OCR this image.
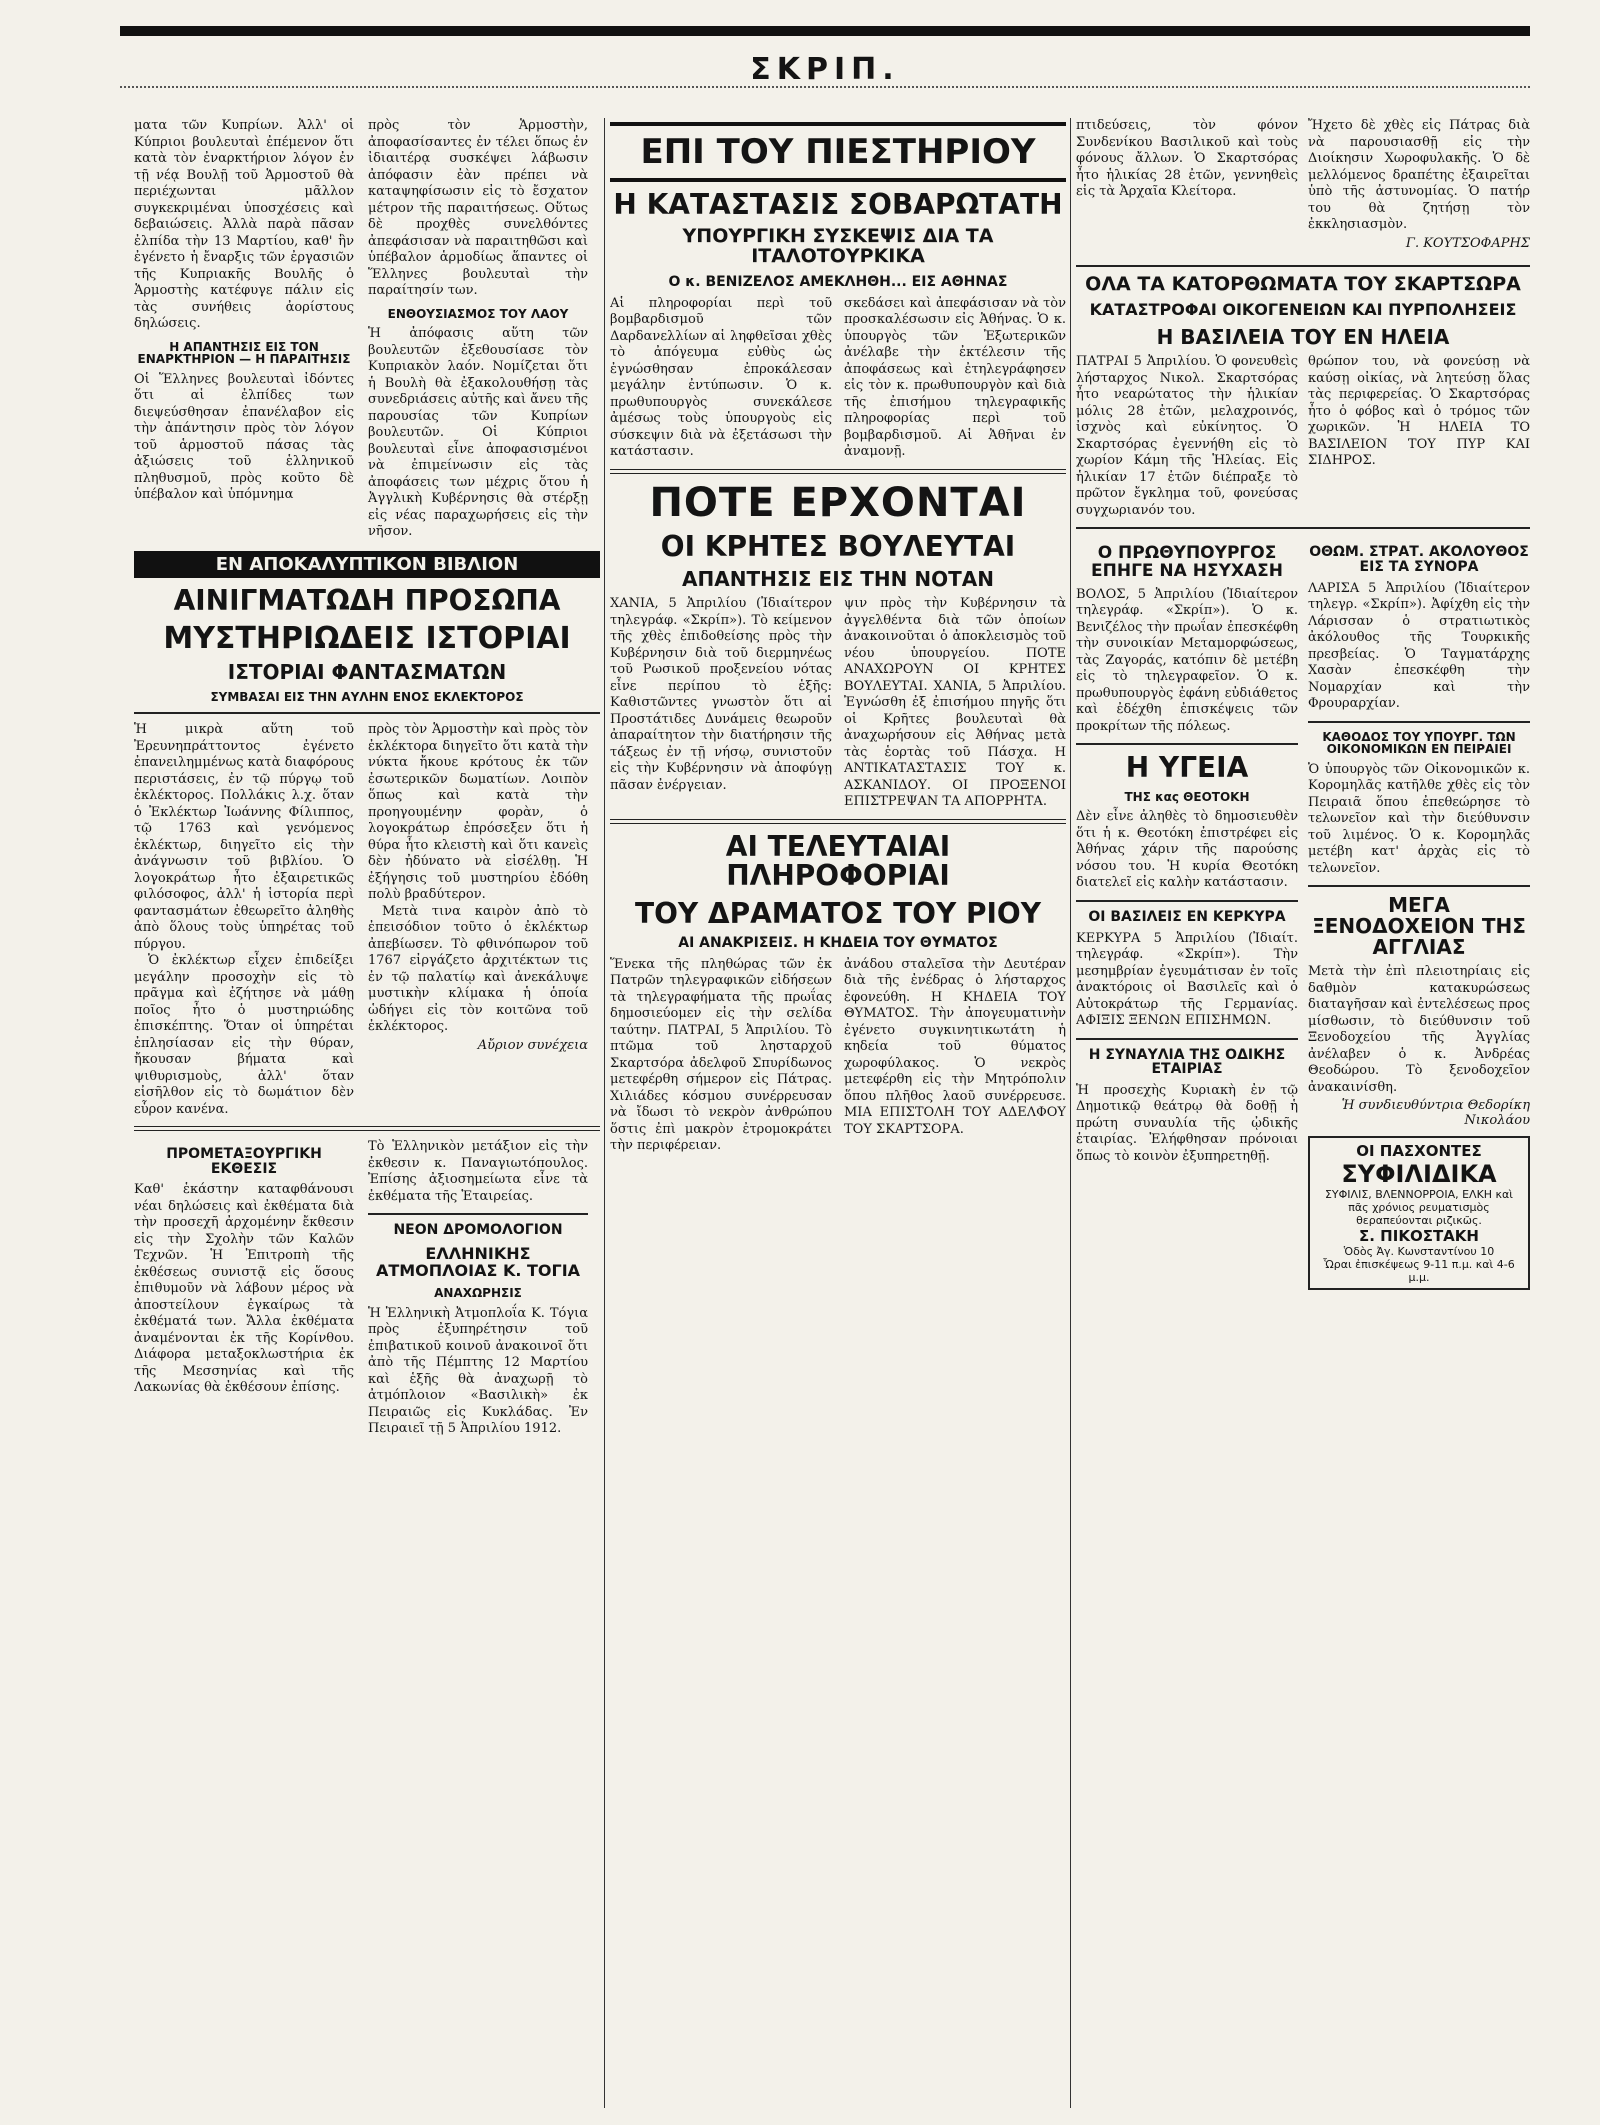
ΣΚΡΙΠ.

ματα τῶν Κυπρίων. Ἀλλ' οἱ Κύπριοι βουλευταὶ ἐπέμενον ὅτι κατὰ τὸν ἐναρκτήριον λόγον ἐν τῇ νέᾳ Βουλῇ τοῦ Ἁρμοστοῦ θὰ περιέχωνται μᾶλλον συγκεκριμέναι ὑποσχέσεις καὶ δεβαιώσεις. Ἀλλὰ παρὰ πᾶσαν ἐλπίδα τὴν 13 Μαρτίου, καθ' ἣν ἐγένετο ἡ ἔναρξις τῶν ἐργασιῶν τῆς Κυπριακῆς Βουλῆς ὁ Ἁρμοστὴς κατέφυγε πάλιν εἰς τὰς συνήθεις ἀορίστους δηλώσεις.

Η ΑΠΑΝΤΗΣΙΣ ΕΙΣ ΤΟΝ ΕΝΑΡΚΤΗΡΙΟΝ — Η ΠΑΡΑΙΤΗΣΙΣ

Οἱ Ἕλληνες βουλευταὶ ἰδόντες ὅτι αἱ ἐλπίδες των διεψεύσθησαν ἐπανέλαβον εἰς τὴν ἀπάντησιν πρὸς τὸν λόγον τοῦ ἁρμοστοῦ πάσας τὰς ἀξιώσεις τοῦ ἑλληνικοῦ πληθυσμοῦ, πρὸς κοῦτο δὲ ὑπέβαλον καὶ ὑπόμνημα

πρὸς τὸν Ἁρμοστὴν, ἀποφασίσαντες ἐν τέλει ὅπως ἐν ἰδιαιτέρᾳ συσκέψει λάβωσιν ἀπόφασιν ἐὰν πρέπει νὰ καταψηφίσωσιν εἰς τὸ ἔσχατον μέτρον τῆς παραιτήσεως. Οὕτως δὲ προχθὲς συνελθόντες ἀπεφάσισαν νὰ παραιτηθῶσι καὶ ὑπέβαλον ἁρμοδίως ἅπαντες οἱ Ἕλληνες βουλευταὶ τὴν παραίτησίν των.

ΕΝΘΟΥΣΙΑΣΜΟΣ ΤΟΥ ΛΑΟΥ

Ἡ ἀπόφασις αὕτη τῶν βουλευτῶν ἐξεθουσίασε τὸν Κυπριακὸν λαόν. Νομίζεται ὅτι ἡ Βουλὴ θὰ ἐξακολουθήσῃ τὰς συνεδριάσεις αὐτῆς καὶ ἄνευ τῆς παρουσίας τῶν Κυπρίων βουλευτῶν. Οἱ Κύπριοι βουλευταὶ εἶνε ἀποφασισμένοι νὰ ἐπιμείνωσιν εἰς τὰς ἀποφάσεις των μέχρις ὅτου ἡ Ἀγγλικὴ Κυβέρνησις θὰ στέρξῃ εἰς νέας παραχωρήσεις εἰς τὴν νῆσον.

ΕΝ ΑΠΟΚΑΛΥΠΤΙΚΟΝ ΒΙΒΛΙΟΝ
ΑΙΝΙΓΜΑΤΩΔΗ ΠΡΟΣΩΠΑ
ΜΥΣΤΗΡΙΩΔΕΙΣ ΙΣΤΟΡΙΑΙ
ΙΣΤΟΡΙΑΙ ΦΑΝΤΑΣΜΑΤΩΝ
ΣΥΜΒΑΣΑΙ ΕΙΣ ΤΗΝ ΑΥΛΗΝ ΕΝΟΣ ΕΚΛΕΚΤΟΡΟΣ

Ἡ μικρὰ αὕτη τοῦ Ἐρευνηπράττοντος ἐγένετο ἐπανειλημμένως κατὰ διαφόρους περιστάσεις, ἐν τῷ πύργῳ τοῦ ἐκλέκτορος. Πολλάκις λ.χ. ὅταν ὁ Ἐκλέκτωρ Ἰωάννης Φίλιππος, τῷ 1763 καὶ γενόμενος ἐκλέκτωρ, διηγεῖτο εἰς τὴν ἀνάγνωσιν τοῦ βιβλίου. Ὁ λογοκράτωρ ἦτο ἐξαιρετικῶς φιλόσοφος, ἀλλ' ἡ ἱστορία περὶ φαντασμάτων ἐθεωρεῖτο ἀληθὴς ἀπὸ ὅλους τοὺς ὑπηρέτας τοῦ πύργου.

Ὁ ἐκλέκτωρ εἶχεν ἐπιδείξει μεγάλην προσοχὴν εἰς τὸ πρᾶγμα καὶ ἐζήτησε νὰ μάθῃ ποῖος ἦτο ὁ μυστηριώδης ἐπισκέπτης. Ὅταν οἱ ὑπηρέται ἐπλησίασαν εἰς τὴν θύραν, ἤκουσαν βήματα καὶ ψιθυρισμοὺς, ἀλλ' ὅταν εἰσῆλθον εἰς τὸ δωμάτιον δὲν εὗρον κανένα.

πρὸς τὸν Ἁρμοστὴν καὶ πρὸς τὸν ἐκλέκτορα διηγεῖτο ὅτι κατὰ τὴν νύκτα ἤκουε κρότους ἐκ τῶν ἐσωτερικῶν δωματίων. Λοιπὸν ὅπως καὶ κατὰ τὴν προηγουμένην φορὰν, ὁ λογοκράτωρ ἐπρόσεξεν ὅτι ἡ θύρα ἦτο κλειστὴ καὶ ὅτι κανεὶς δὲν ἠδύνατο νὰ εἰσέλθῃ. Ἡ ἐξήγησις τοῦ μυστηρίου ἐδόθη πολὺ βραδύτερον.

Μετὰ τινα καιρὸν ἀπὸ τὸ ἐπεισόδιον τοῦτο ὁ ἐκλέκτωρ ἀπεβίωσεν. Τὸ φθινόπωρον τοῦ 1767 εἰργάζετο ἀρχιτέκτων τις ἐν τῷ παλατίῳ καὶ ἀνεκάλυψε μυστικὴν κλίμακα ἡ ὁποία ὡδήγει εἰς τὸν κοιτῶνα τοῦ ἐκλέκτορος.

Αὔριον συνέχεια
ΠΡΟΜΕΤΑΞΟΥΡΓΙΚΗ ΕΚΘΕΣΙΣ

Καθ' ἑκάστην καταφθάνουσι νέαι δηλώσεις καὶ ἐκθέματα διὰ τὴν προσεχῆ ἀρχομένην ἔκθεσιν εἰς τὴν Σχολὴν τῶν Καλῶν Τεχνῶν. Ἡ Ἐπιτροπὴ τῆς ἐκθέσεως συνιστᾷ εἰς ὅσους ἐπιθυμοῦν νὰ λάβουν μέρος νὰ ἀποστείλουν ἐγκαίρως τὰ ἐκθέματά των. Ἄλλα ἐκθέματα ἀναμένονται ἐκ τῆς Κορίνθου. Διάφορα μεταξοκλωστήρια ἐκ τῆς Μεσσηνίας καὶ τῆς Λακωνίας θὰ ἐκθέσουν ἐπίσης.

Τὸ Ἑλληνικὸν μετάξιον εἰς τὴν ἐκθεσιν κ. Παναγιωτόπουλος. Ἐπίσης ἀξιοσημείωτα εἶνε τὰ ἐκθέματα τῆς Ἑταιρείας.

ΝΕΟΝ ΔΡΟΜΟΛΟΓΙΟΝ
ΕΛΛΗΝΙΚΗΣ ΑΤΜΟΠΛΟΙΑΣ Κ. ΤΟΓΙΑ
ΑΝΑΧΩΡΗΣΙΣ

Ἡ Ἑλληνικὴ Ἀτμοπλοΐα Κ. Τόγια πρὸς ἐξυπηρέτησιν τοῦ ἐπιβατικοῦ κοινοῦ ἀνακοινοῖ ὅτι ἀπὸ τῆς Πέμπτης 12 Μαρτίου καὶ ἑξῆς θὰ ἀναχωρῇ τὸ ἀτμόπλοιον «Βασιλικὴ» ἐκ Πειραιῶς εἰς Κυκλάδας. Ἐν Πειραιεῖ τῇ 5 Ἀπριλίου 1912.

ΕΠΙ ΤΟΥ ΠΙΕΣΤΗΡΙΟΥ
Η ΚΑΤΑΣΤΑΣΙΣ ΣΟΒΑΡΩΤΑΤΗ
ΥΠΟΥΡΓΙΚΗ ΣΥΣΚΕΨΙΣ ΔΙΑ ΤΑ ΙΤΑΛΟΤΟΥΡΚΙΚΑ
Ο κ. ΒΕΝΙΖΕΛΟΣ ΑΜΕΚΛΗΘΗ... ΕΙΣ ΑΘΗΝΑΣ

Αἱ πληροφορίαι περὶ τοῦ βομβαρδισμοῦ τῶν Δαρδανελλίων αἱ ληφθεῖσαι χθὲς τὸ ἀπόγευμα εὐθὺς ὡς ἐγνώσθησαν ἐπροκάλεσαν μεγάλην ἐντύπωσιν. Ὁ κ. πρωθυπουργὸς συνεκάλεσε ἀμέσως τοὺς ὑπουργοὺς εἰς σύσκεψιν διὰ νὰ ἐξετάσωσι τὴν κατάστασιν.

σκεδάσει καὶ ἀπεφάσισαν νὰ τὸν προσκαλέσωσιν εἰς Ἀθήνας. Ὁ κ. ὑπουργὸς τῶν Ἐξωτερικῶν ἀνέλαβε τὴν ἐκτέλεσιν τῆς ἀποφάσεως καὶ ἐτηλεγράφησεν εἰς τὸν κ. πρωθυπουργὸν καὶ διὰ τῆς ἐπισήμου τηλεγραφικῆς πληροφορίας περὶ τοῦ βομβαρδισμοῦ. Αἱ Ἀθῆναι ἐν ἀναμονῇ.

ΠΟΤΕ ΕΡΧΟΝΤΑΙ
ΟΙ ΚΡΗΤΕΣ ΒΟΥΛΕΥΤΑΙ
ΑΠΑΝΤΗΣΙΣ ΕΙΣ ΤΗΝ ΝΟΤΑΝ

ΧΑΝΙΑ, 5 Ἀπριλίου (Ἰδιαίτερον τηλεγράφ. «Σκρίπ»). Τὸ κείμενον τῆς χθὲς ἐπιδοθείσης πρὸς τὴν Κυβέρνησιν διὰ τοῦ διερμηνέως τοῦ Ρωσικοῦ προξενείου νότας εἶνε περίπου τὸ ἑξῆς: Καθιστῶντες γνωστὸν ὅτι αἱ Προστάτιδες Δυνάμεις θεωροῦν ἀπαραίτητον τὴν διατήρησιν τῆς τάξεως ἐν τῇ νήσῳ, συνιστοῦν εἰς τὴν Κυβέρνησιν νὰ ἀποφύγῃ πᾶσαν ἐνέργειαν.

ψιν πρὸς τὴν Κυβέρνησιν τὰ ἀγγελθέντα διὰ τῶν ὁποίων ἀνακοινοῦται ὁ ἀποκλεισμὸς τοῦ νέου ὑπουργείου. ΠΟΤΕ ΑΝΑΧΩΡΟΥΝ ΟΙ ΚΡΗΤΕΣ ΒΟΥΛΕΥΤΑΙ. ΧΑΝΙΑ, 5 Ἀπριλίου. Ἐγνώσθη ἐξ ἐπισήμου πηγῆς ὅτι οἱ Κρῆτες βουλευταὶ θὰ ἀναχωρήσουν εἰς Ἀθήνας μετὰ τὰς ἑορτὰς τοῦ Πάσχα. Η ΑΝΤΙΚΑΤΑΣΤΑΣΙΣ ΤΟΥ κ. ΑΣΚΑΝΙΔΟΥ. ΟΙ ΠΡΟΞΕΝΟΙ ΕΠΙΣΤΡΕΨΑΝ ΤΑ ΑΠΟΡΡΗΤΑ.

ΑΙ ΤΕΛΕΥΤΑΙΑΙ ΠΛΗΡΟΦΟΡΙΑΙ
ΤΟΥ ΔΡΑΜΑΤΟΣ ΤΟΥ ΡΙΟΥ
ΑΙ ΑΝΑΚΡΙΣΕΙΣ. Η ΚΗΔΕΙΑ ΤΟΥ ΘΥΜΑΤΟΣ

Ἕνεκα τῆς πληθώρας τῶν ἐκ Πατρῶν τηλεγραφικῶν εἰδήσεων τὰ τηλεγραφήματα τῆς πρωΐας δημοσιεύομεν εἰς τὴν σελίδα ταύτην. ΠΑΤΡΑΙ, 5 Ἀπριλίου. Τὸ πτῶμα τοῦ λησταρχοῦ Σκαρτσόρα ἀδελφοῦ Σπυρίδωνος μετεφέρθη σήμερον εἰς Πάτρας. Χιλιάδες κόσμου συνέρρευσαν νὰ ἴδωσι τὸ νεκρὸν ἀνθρώπου ὅστις ἐπὶ μακρὸν ἐτρομοκράτει τὴν περιφέρειαν.

ἀνάδου σταλεῖσα τὴν Δευτέραν διὰ τῆς ἐνέδρας ὁ λήσταρχος ἐφονεύθη. Η ΚΗΔΕΙΑ ΤΟΥ ΘΥΜΑΤΟΣ. Τὴν ἀπογευματινὴν ἐγένετο συγκινητικωτάτη ἡ κηδεία τοῦ θύματος χωροφύλακος. Ὁ νεκρὸς μετεφέρθη εἰς τὴν Μητρόπολιν ὅπου πλῆθος λαοῦ συνέρρευσε. ΜΙΑ ΕΠΙΣΤΟΛΗ ΤΟΥ ΑΔΕΛΦΟΥ ΤΟΥ ΣΚΑΡΤΣΟΡΑ.

πτιδεύσεις, τὸν φόνον Συνδενίκου Βασιλικοῦ καὶ τοὺς φόνους ἄλλων. Ὁ Σκαρτσόρας ἦτο ἡλικίας 28 ἐτῶν, γεννηθεὶς εἰς τὰ Ἀρχαῖα Κλείτορα.

Ἤχετο δὲ χθὲς εἰς Πάτρας διὰ νὰ παρουσιασθῇ εἰς τὴν Διοίκησιν Χωροφυλακῆς. Ὁ δὲ μελλόμενος δραπέτης ἐξαιρεῖται ὑπὸ τῆς ἀστυνομίας. Ὁ πατήρ του θὰ ζητήσῃ τὸν ἐκκλησιασμὸν.

Γ. ΚΟΥΤΣΟΦΑΡΗΣ
ΟΛΑ ΤΑ ΚΑΤΟΡΘΩΜΑΤΑ ΤΟΥ ΣΚΑΡΤΣΩΡΑ
ΚΑΤΑΣΤΡΟΦΑΙ ΟΙΚΟΓΕΝΕΙΩΝ ΚΑΙ ΠΥΡΠΟΛΗΣΕΙΣ
Η ΒΑΣΙΛΕΙΑ ΤΟΥ ΕΝ ΗΛΕΙΑ

ΠΑΤΡΑΙ 5 Ἀπριλίου. Ὁ φονευθεὶς λήσταρχος Νικολ. Σκαρτσόρας ἦτο νεαρώτατος τὴν ἡλικίαν μόλις 28 ἐτῶν, μελαχροινός, ἰσχνὸς καὶ εὐκίνητος. Ὁ Σκαρτσόρας ἐγεννήθη εἰς τὸ χωρίον Κάμη τῆς Ἡλείας. Εἰς ἡλικίαν 17 ἐτῶν διέπραξε τὸ πρῶτον ἔγκλημα τοῦ, φονεύσας συγχωριανόν του.

θρώπον του, νὰ φονεύσῃ νὰ καύσῃ οἰκίας, νὰ λητεύσῃ ὅλας τὰς περιφερείας. Ὁ Σκαρτσόρας ἦτο ὁ φόβος καὶ ὁ τρόμος τῶν χωρικῶν. Ἡ ΗΛΕΙΑ ΤΟ ΒΑΣΙΛΕΙΟΝ ΤΟΥ ΠΥΡ ΚΑΙ ΣΙΔΗΡΟΣ.

Ο ΠΡΩΘΥΠΟΥΡΓΟΣ ΕΠΗΓΕ ΝΑ ΗΣΥΧΑΣΗ

ΒΟΛΟΣ, 5 Ἀπριλίου (Ἰδιαίτερον τηλεγράφ. «Σκρίπ»). Ὁ κ. Βενιζέλος τὴν πρωΐαν ἐπεσκέφθη τὴν συνοικίαν Μεταμορφώσεως, τὰς Ζαγοράς, κατόπιν δὲ μετέβη εἰς τὸ τηλεγραφεῖον. Ὁ κ. πρωθυπουργὸς ἐφάνη εὐδιάθετος καὶ ἐδέχθη ἐπισκέψεις τῶν προκρίτων τῆς πόλεως.

Η ΥΓΕΙΑ
ΤΗΣ κας ΘΕΟΤΟΚΗ

Δὲν εἶνε ἀληθὲς τὸ δημοσιευθὲν ὅτι ἡ κ. Θεοτόκη ἐπιστρέφει εἰς Ἀθήνας χάριν τῆς παρούσης νόσου του. Ἡ κυρία Θεοτόκη διατελεῖ εἰς καλὴν κατάστασιν.

ΟΙ ΒΑΣΙΛΕΙΣ ΕΝ ΚΕΡΚΥΡΑ

ΚΕΡΚΥΡΑ 5 Ἀπριλίου (Ἰδιαίτ. τηλεγράφ. «Σκρίπ»). Τὴν μεσημβρίαν ἐγευμάτισαν ἐν τοῖς ἀνακτόροις οἱ Βασιλεῖς καὶ ὁ Αὐτοκράτωρ τῆς Γερμανίας. ΑΦΙΞΙΣ ΞΕΝΩΝ ΕΠΙΣΗΜΩΝ.

Η ΣΥΝΑΥΛΙΑ ΤΗΣ ΟΔΙΚΗΣ ΕΤΑΙΡΙΑΣ

Ἡ προσεχὴς Κυριακὴ ἐν τῷ Δημοτικῷ θεάτρῳ θὰ δοθῇ ἡ πρώτη συναυλία τῆς ᾠδικῆς ἑταιρίας. Ἐλήφθησαν πρόνοιαι ὅπως τὸ κοινὸν ἐξυπηρετηθῇ.

ΟΘΩΜ. ΣΤΡΑΤ. ΑΚΟΛΟΥΘΟΣ ΕΙΣ ΤΑ ΣΥΝΟΡΑ

ΛΑΡΙΣΑ 5 Ἀπριλίου (Ἰδιαίτερον τηλεγρ. «Σκρίπ»). Ἀφίχθη εἰς τὴν Λάρισσαν ὁ στρατιωτικὸς ἀκόλουθος τῆς Τουρκικῆς πρεσβείας. Ὁ Ταγματάρχης Χασὰν ἐπεσκέφθη τὴν Νομαρχίαν καὶ τὴν Φρουραρχίαν.

ΚΑΘΟΔΟΣ ΤΟΥ ΥΠΟΥΡΓ. ΤΩΝ ΟΙΚΟΝΟΜΙΚΩΝ ΕΝ ΠΕΙΡΑΙΕΙ

Ὁ ὑπουργὸς τῶν Οἰκονομικῶν κ. Κορομηλᾶς κατῆλθε χθὲς εἰς τὸν Πειραιᾶ ὅπου ἐπεθεώρησε τὸ τελωνεῖον καὶ τὴν διεύθυνσιν τοῦ λιμένος. Ὁ κ. Κορομηλᾶς μετέβη κατ' ἀρχὰς εἰς τὸ τελωνεῖον.

ΜΕΓΑ ΞΕΝΟΔΟΧΕΙΟΝ ΤΗΣ ΑΓΓΛΙΑΣ

Μετὰ τὴν ἐπὶ πλειοτηρίαις εἰς δαθμὸν κατακυρώσεως διαταγῆσαν καὶ ἐντελέσεως προς μίσθωσιν, τὸ διεύθυνσιν τοῦ Ξενοδοχείου τῆς Ἀγγλίας ἀνέλαβεν ὁ κ. Ἀνδρέας Θεοδώρου. Τὸ ξενοδοχεῖον ἀνακαινίσθη.

Ἡ συνδιευθύντρια Θεδορίκη Νικολάου
ΟΙ ΠΑΣΧΟΝΤΕΣ
ΣΥΦΙΛΙΔΙΚΑ
ΣΥΦΙΛΙΣ, ΒΛΕΝΝΟΡΡΟΙΑ, ΕΛΚΗ καὶ πᾶς χρόνιος ρευματισμὸς θεραπεύονται ριζικῶς.
Σ. ΠΙΚΟΣΤΑΚΗ
Ὁδὸς Ἀγ. Κωνσταντίνου 10
Ὧραι ἐπισκέψεως 9-11 π.μ. καὶ 4-6 μ.μ.
